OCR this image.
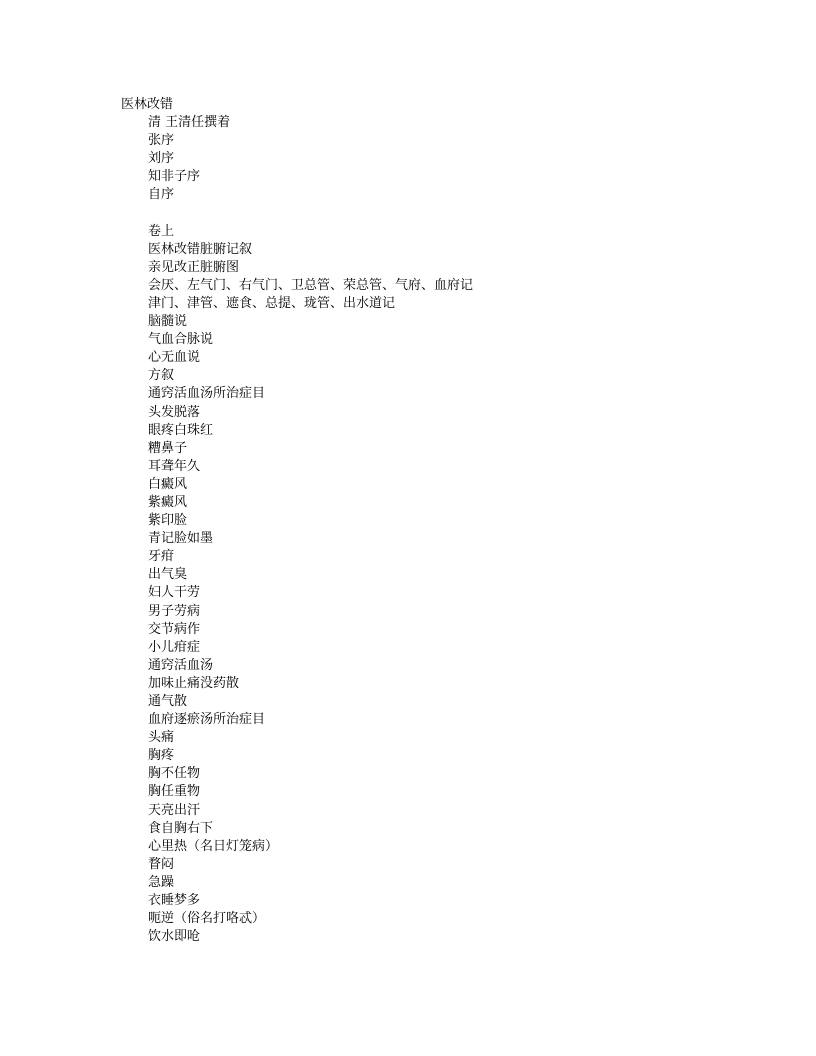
医林改错
清 王清任撰着
张序
刘序
知非子序
自序
卷上
医林改错脏腑记叙
亲见改正脏腑图
会厌、左气门、右气门、卫总管、荣总管、气府、血府记
津门、津管、遮食、总提、珑管、出水道记
脑髓说
气血合脉说
心无血说
方叙
通窍活血汤所治症目
头发脱落
眼疼白珠红
糟鼻子
耳聋年久
白癜风
紫癜风
紫印脸
青记脸如墨
牙疳
出气臭
妇人干劳
男子劳病
交节病作
小儿疳症
通窍活血汤
加味止痛没药散
通气散
血府逐瘀汤所治症目
头痛
胸疼
胸不任物
胸任重物
天亮出汗
食自胸右下
心里热（名日灯笼病）
瞀闷
急躁
衣睡梦多
呃逆（俗名打咯忒）
饮水即呛
